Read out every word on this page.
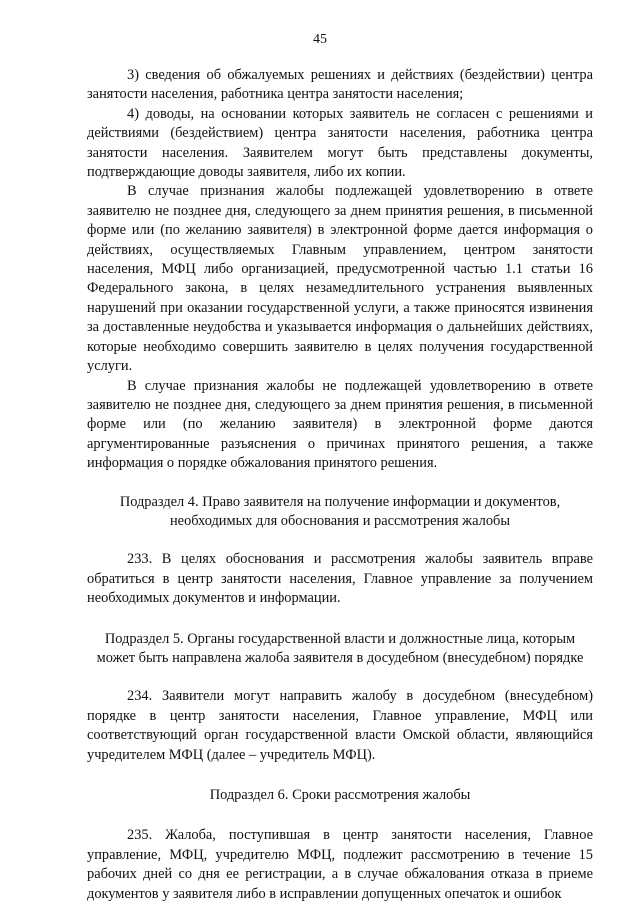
45

3) сведения об обжалуемых решениях и действиях (бездействии) центра занятости населения, работника центра занятости населения;

4) доводы, на основании которых заявитель не согласен с решениями и действиями (бездействием) центра занятости населения, работника центра занятости населения. Заявителем могут быть представлены документы, подтверждающие доводы заявителя, либо их копии.

В случае признания жалобы подлежащей удовлетворению в ответе заявителю не позднее дня, следующего за днем принятия решения, в письменной форме или (по желанию заявителя) в электронной форме дается информация о действиях, осуществляемых Главным управлением, центром занятости населения, МФЦ либо организацией, предусмотренной частью 1.1 статьи 16 Федерального закона, в целях незамедлительного устранения выявленных нарушений при оказании государственной услуги, а также приносятся извинения за доставленные неудобства и указывается информация о дальнейших действиях, которые необходимо совершить заявителю в целях получения государственной услуги.

В случае признания жалобы не подлежащей удовлетворению в ответе заявителю не позднее дня, следующего за днем принятия решения, в письменной форме или (по желанию заявителя) в электронной форме даются аргументированные разъяснения о причинах принятого решения, а также информация о порядке обжалования принятого решения.

Подраздел 4. Право заявителя на получение информации и документов, необходимых для обоснования и рассмотрения жалобы

233. В целях обоснования и рассмотрения жалобы заявитель вправе обратиться в центр занятости населения, Главное управление за получением необходимых документов и информации.

Подраздел 5. Органы государственной власти и должностные лица, которым может быть направлена жалоба заявителя в досудебном (внесудебном) порядке

234. Заявители могут направить жалобу в досудебном (внесудебном) порядке в центр занятости населения, Главное управление, МФЦ или соответствующий орган государственной власти Омской области, являющийся учредителем МФЦ (далее – учредитель МФЦ).

Подраздел 6. Сроки рассмотрения жалобы

235. Жалоба, поступившая в центр занятости населения, Главное управление, МФЦ, учредителю МФЦ, подлежит рассмотрению в течение 15 рабочих дней со дня ее регистрации, а в случае обжалования отказа в приеме документов у заявителя либо в исправлении допущенных опечаток и ошибок
